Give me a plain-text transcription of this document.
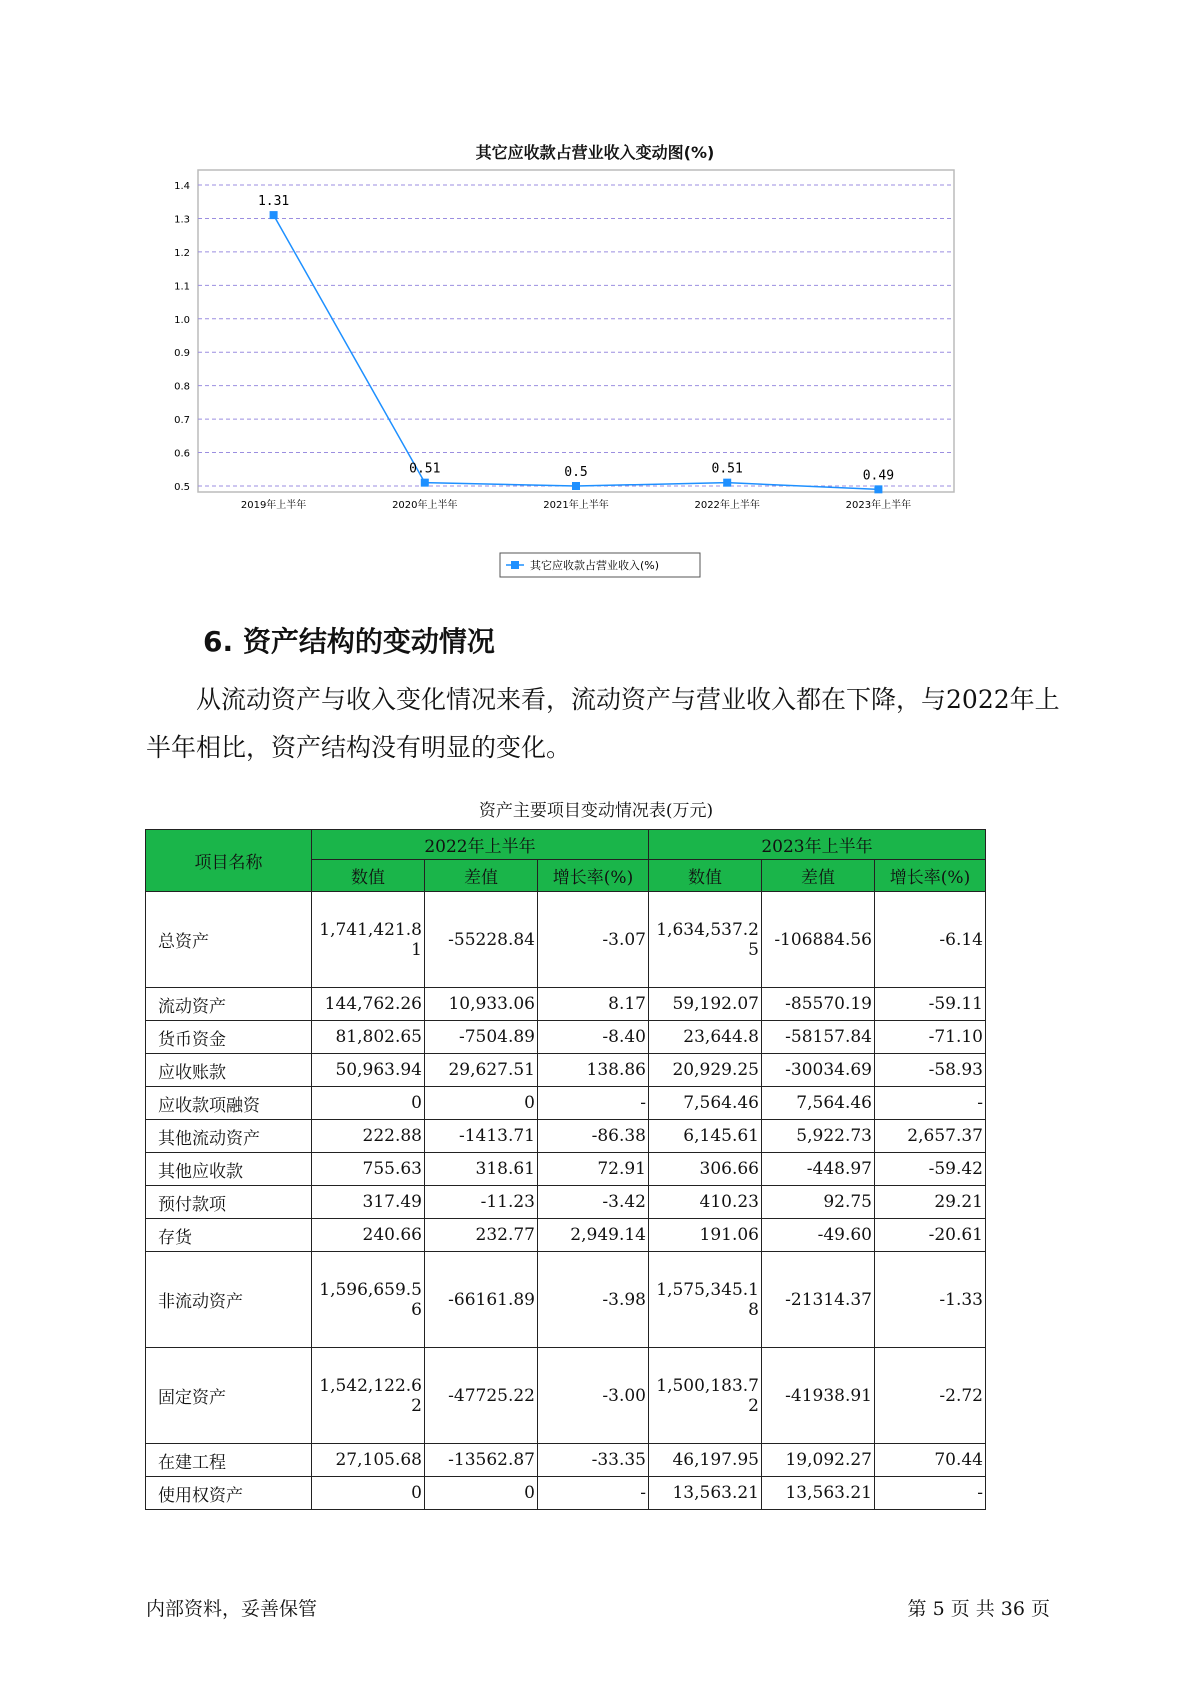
其它应收款占营业收入变动图(%)
0.5
0.6
0.7
0.8
0.9
1.0
1.1
1.2
1.3
1.4
2019年上半年	2020年上半年	2021年上半年	2022年上半年	2023年上半年
1.31
0.51	0.5	0.51	0.49
其它应收款占营业收入(%)
6. 资产结构的变动情况

从流动资产与收入变化情况来看，流动资产与营业收入都在下降，与2022年上半年相比，资产结构没有明显的变化。

资产主要项目变动情况表(万元)
项目名称	2022年上半年			2023年上半年		
	数值	差值	增长率(%)	数值	差值	增长率(%)
总资产	1,741,421.81	-55228.84	-3.07	1,634,537.25	-106884.56	-6.14
流动资产	144,762.26	10,933.06	8.17	59,192.07	-85570.19	-59.11
货币资金	81,802.65	-7504.89	-8.40	23,644.8	-58157.84	-71.10
应收账款	50,963.94	29,627.51	138.86	20,929.25	-30034.69	-58.93
应收款项融资	0	0	-	7,564.46	7,564.46	-
其他流动资产	222.88	-1413.71	-86.38	6,145.61	5,922.73	2,657.37
其他应收款	755.63	318.61	72.91	306.66	-448.97	-59.42
预付款项	317.49	-11.23	-3.42	410.23	92.75	29.21
存货	240.66	232.77	2,949.14	191.06	-49.60	-20.61
非流动资产	1,596,659.56	-66161.89	-3.98	1,575,345.18	-21314.37	-1.33
固定资产	1,542,122.62	-47725.22	-3.00	1,500,183.72	-41938.91	-2.72
在建工程	27,105.68	-13562.87	-33.35	46,197.95	19,092.27	70.44
使用权资产	0	0	-	13,563.21	13,563.21	-
内部资料，妥善保管	第 5 页 共 36 页
